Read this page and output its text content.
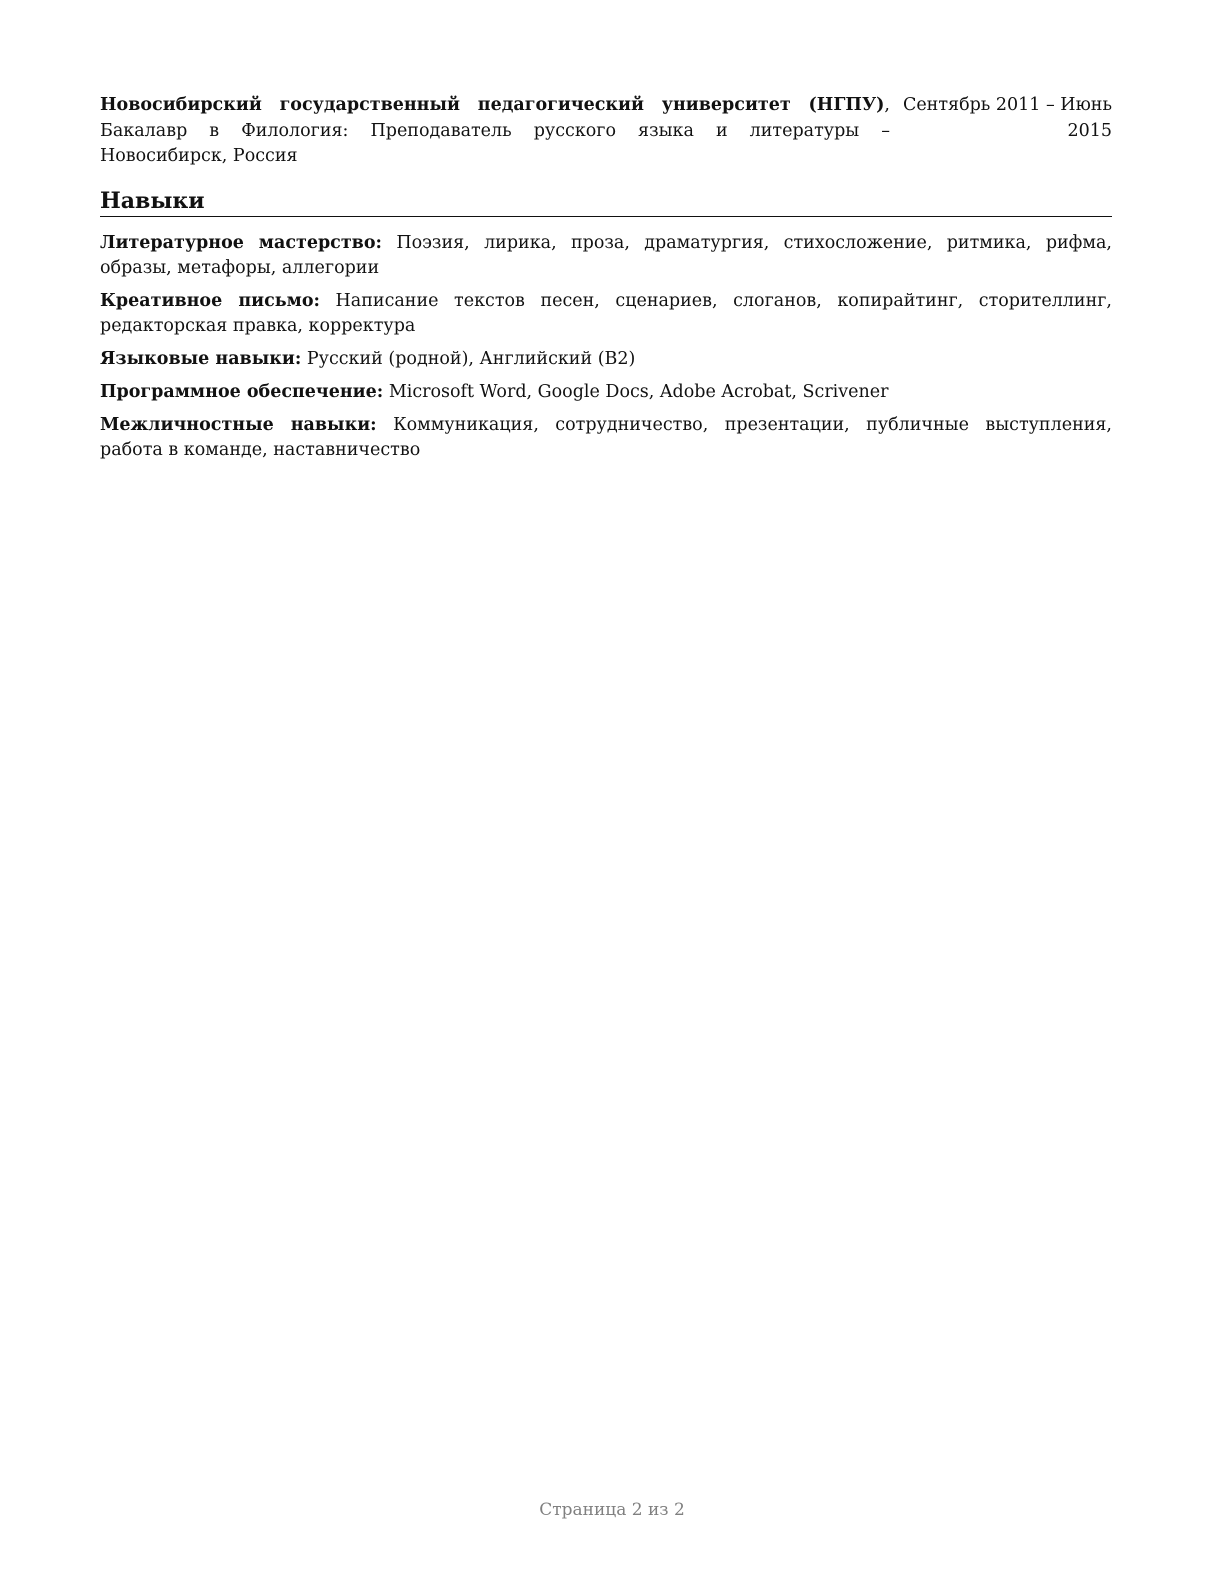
Новосибирский государственный педагогический университет (НГПУ), Бакалавр в Филология: Преподаватель русского языка и литературы – Новосибирск, Россия
Сентябрь 2011 – Июнь 2015
Навыки
Литературное мастерство: Поэзия, лирика, проза, драматургия, стихосложение, ритмика, рифма, образы, метафоры, аллегории
Креативное письмо: Написание текстов песен, сценариев, слоганов, копирайтинг, сторителлинг, редакторская правка, корректура
Языковые навыки: Русский (родной), Английский (B2)
Программное обеспечение: Microsoft Word, Google Docs, Adobe Acrobat, Scrivener
Межличностные навыки: Коммуникация, сотрудничество, презентации, публичные выступления, работа в команде, наставничество
Страница 2 из 2
